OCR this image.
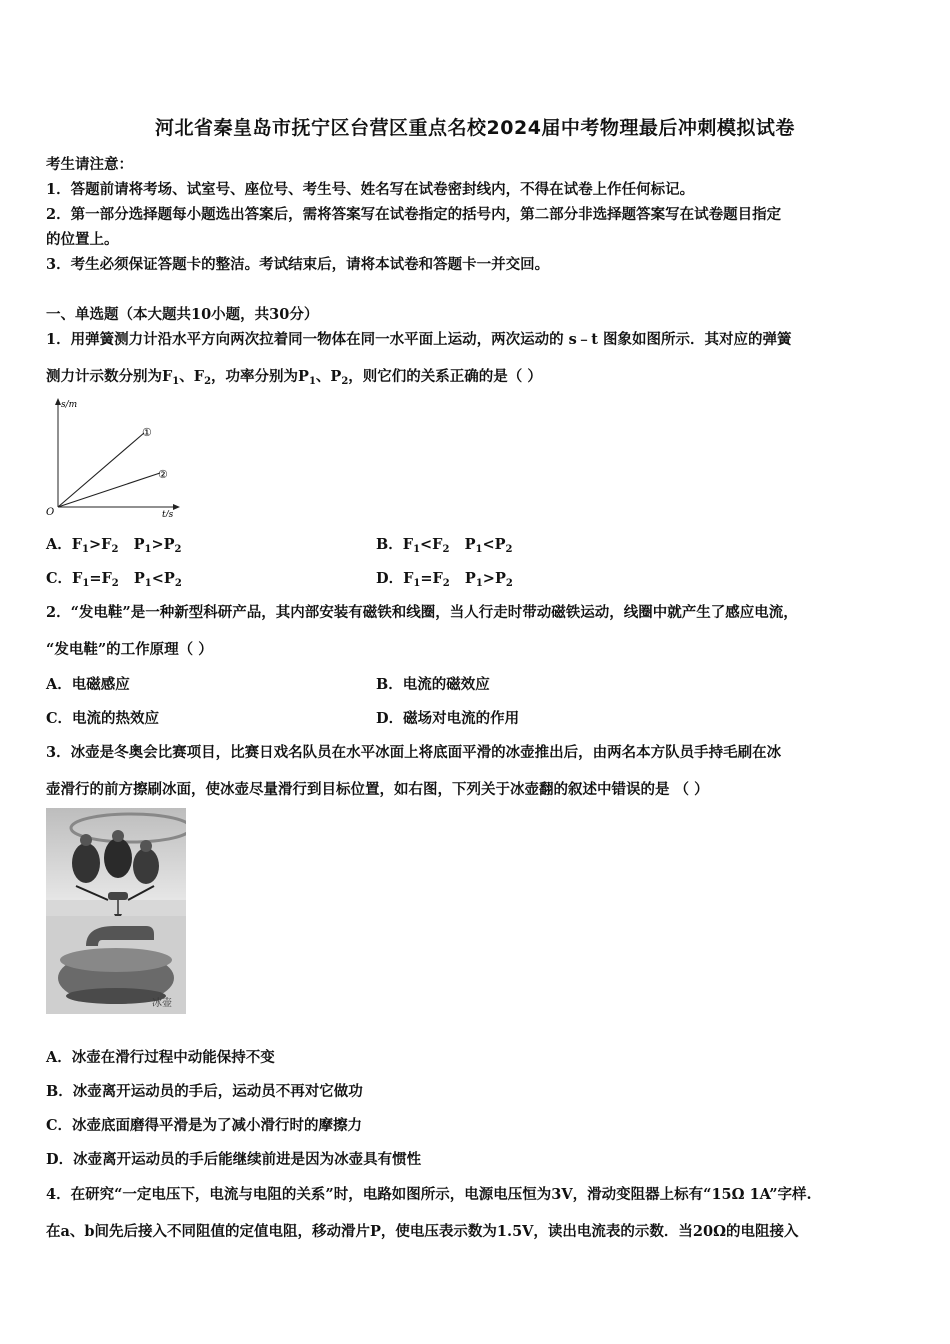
河北省秦皇岛市抚宁区台营区重点名校2024届中考物理最后冲刺模拟试卷
考生请注意：
1．答题前请将考场、试室号、座位号、考生号、姓名写在试卷密封线内，不得在试卷上作任何标记。
2．第一部分选择题每小题选出答案后，需将答案写在试卷指定的括号内，第二部分非选择题答案写在试卷题目指定
的位置上。
3．考生必须保证答题卡的整洁。考试结束后，请将本试卷和答题卡一并交回。
一、单选题（本大题共10小题，共30分）
1．用弹簧测力计沿水平方向两次拉着同一物体在同一水平面上运动，两次运动的 s﹣t 图象如图所示．其对应的弹簧
测力计示数分别为$F_1$、$F_2$，功率分别为$P_1$、$P_2$，则它们的关系正确的是（ ）
s/m
t/s
O
①
②
A．$F_1>F_2$ $P_1>P_2$	B．$F_1<F_2$ $P_1<P_2$
C．$F_1=F_2$ $P_1<P_2$	D．$F_1=F_2$ $P_1>P_2$
2．“发电鞋”是一种新型科研产品，其内部安装有磁铁和线圈，当人行走时带动磁铁运动，线圈中就产生了感应电流，
“发电鞋”的工作原理（ ）
A．电磁感应	B．电流的磁效应
C．电流的热效应	D．磁场对电流的作用
3．冰壶是冬奥会比赛项目，比赛日戏名队员在水平冰面上将底面平滑的冰壶推出后，由两名本方队员手持毛刷在冰
壶滑行的前方擦刷冰面，使冰壶尽量滑行到目标位置，如右图，下列关于冰壶翻的叙述中错误的是 （ ）
冰壶
A．冰壶在滑行过程中动能保持不变
B．冰壶离开运动员的手后，运动员不再对它做功
C．冰壶底面磨得平滑是为了减小滑行时的摩擦力
D．冰壶离开运动员的手后能继续前进是因为冰壶具有惯性
4．在研究“一定电压下，电流与电阻的关系”时，电路如图所示，电源电压恒为3V，滑动变阻器上标有“15Ω 1A”字样.
在a、b间先后接入不同阻值的定值电阻，移动滑片P，使电压表示数为1.5V，读出电流表的示数．当20Ω的电阻接入
